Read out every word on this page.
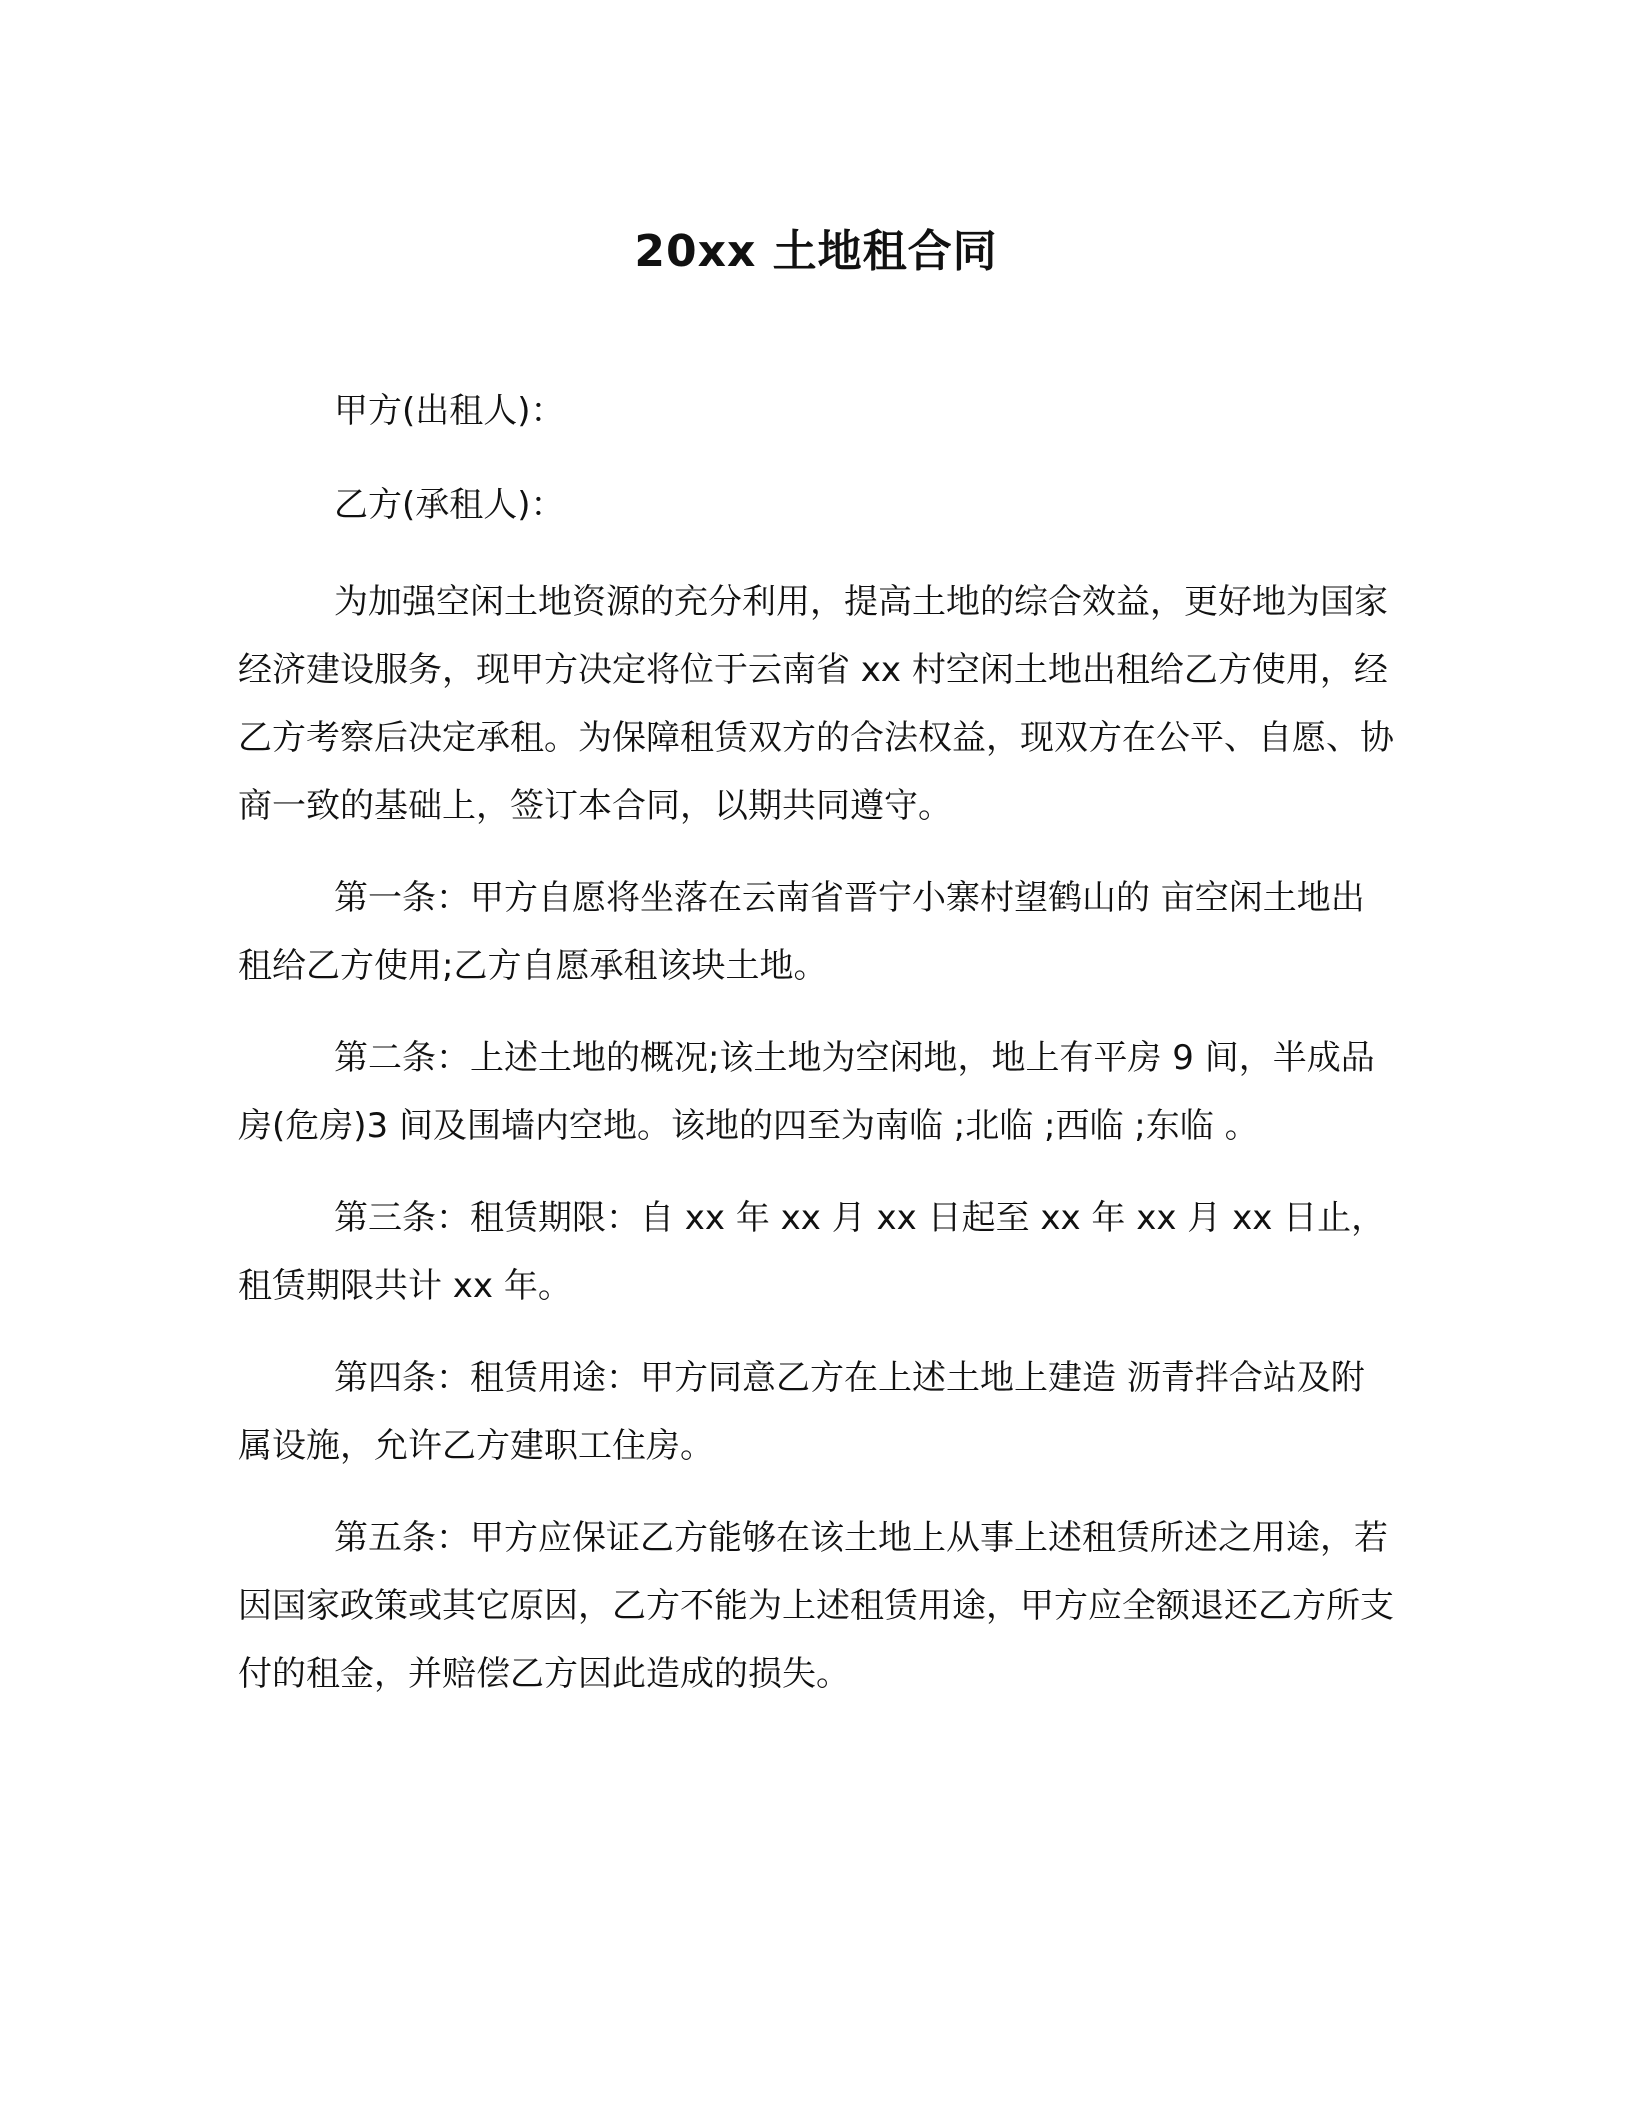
20xx 土地租合同
甲方(出租人)：
乙方(承租人)：

为加强空闲土地资源的充分利用，提高土地的综合效益，更好地为国家经济建设服务，现甲方决定将位于云南省 xx 村空闲土地出租给乙方使用，经乙方考察后决定承租。为保障租赁双方的合法权益，现双方在公平、自愿、协商一致的基础上，签订本合同，以期共同遵守。

第一条：甲方自愿将坐落在云南省晋宁小寨村望鹤山的 亩空闲土地出租给乙方使用;乙方自愿承租该块土地。

第二条：上述土地的概况;该土地为空闲地，地上有平房 9 间，半成品房(危房)3 间及围墙内空地。该地的四至为南临 ;北临 ;西临 ;东临 。

第三条：租赁期限：自 xx 年 xx 月 xx 日起至 xx 年 xx 月 xx 日止，租赁期限共计 xx 年。

第四条：租赁用途：甲方同意乙方在上述土地上建造 沥青拌合站及附属设施，允许乙方建职工住房。

第五条：甲方应保证乙方能够在该土地上从事上述租赁所述之用途，若因国家政策或其它原因，乙方不能为上述租赁用途，甲方应全额退还乙方所支付的租金，并赔偿乙方因此造成的损失。
